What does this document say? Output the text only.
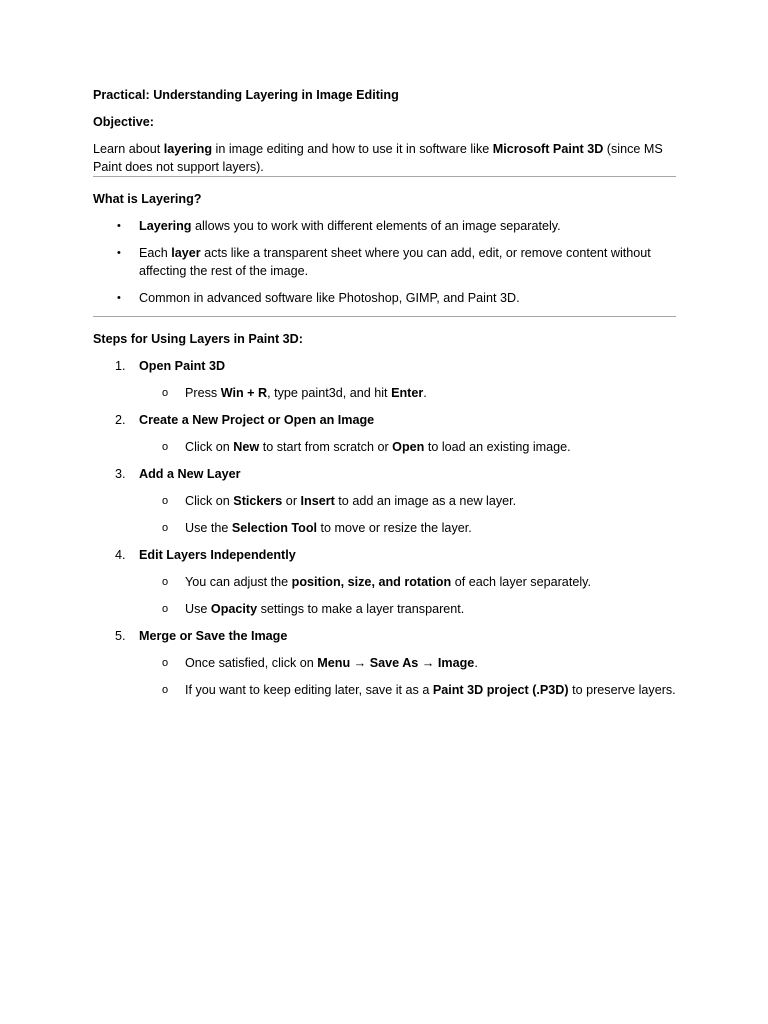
Practical: Understanding Layering in Image Editing

Objective:

Learn about layering in image editing and how to use it in software like Microsoft Paint 3D (since MS Paint does not support layers).

What is Layering?

• Layering allows you to work with different elements of an image separately.
• Each layer acts like a transparent sheet where you can add, edit, or remove content without affecting the rest of the image.
• Common in advanced software like Photoshop, GIMP, and Paint 3D.

Steps for Using Layers in Paint 3D:

1. Open Paint 3D
o Press Win + R, type paint3d, and hit Enter.
2. Create a New Project or Open an Image
o Click on New to start from scratch or Open to load an existing image.
3. Add a New Layer
o Click on Stickers or Insert to add an image as a new layer.
o Use the Selection Tool to move or resize the layer.
4. Edit Layers Independently
o You can adjust the position, size, and rotation of each layer separately.
o Use Opacity settings to make a layer transparent.
5. Merge or Save the Image
o Once satisfied, click on Menu → Save As → Image.
o If you want to keep editing later, save it as a Paint 3D project (.P3D) to preserve layers.
